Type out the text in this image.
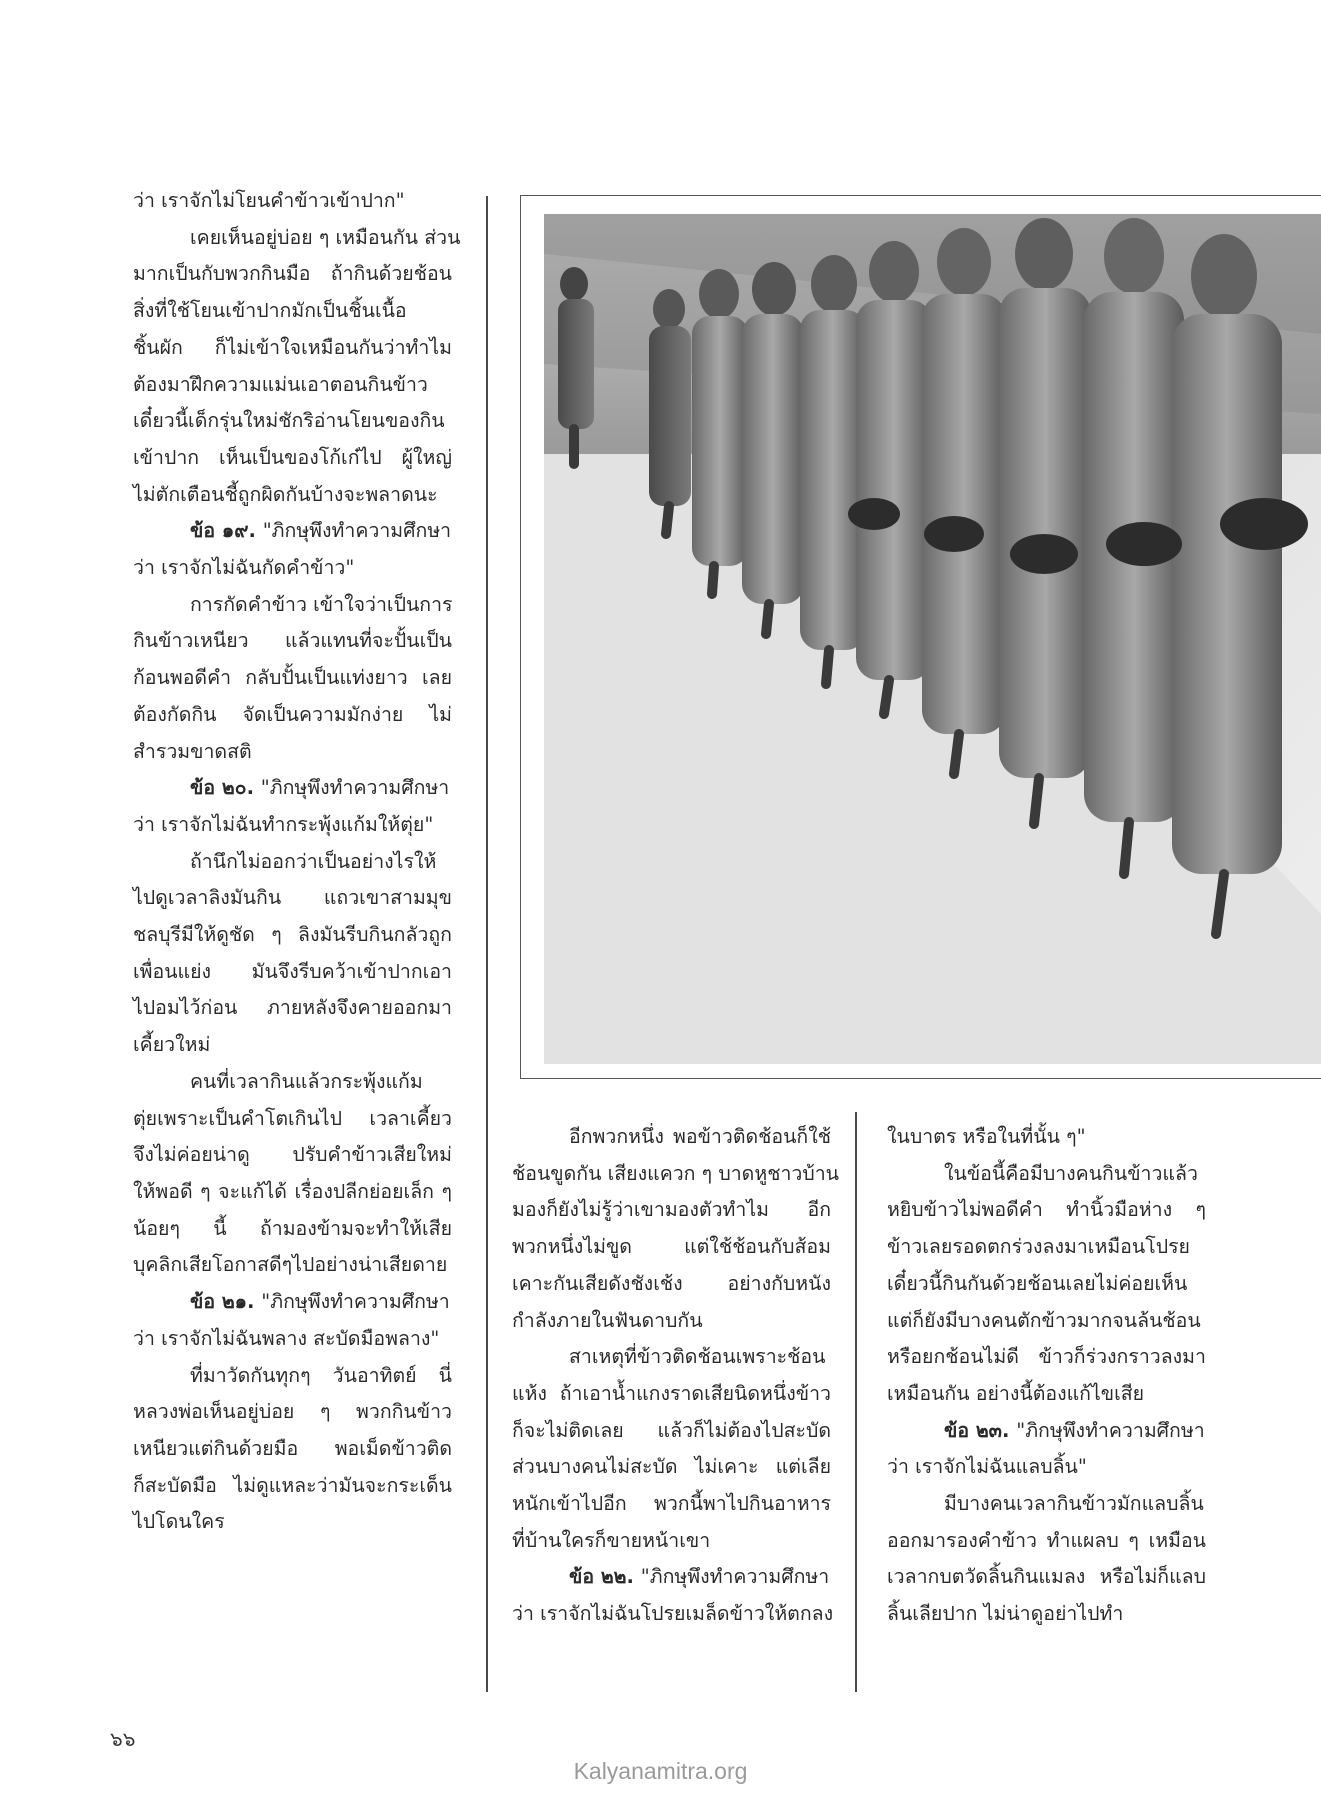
ว่า เราจักไม่โยนคำข้าวเข้าปาก"

เคยเห็นอยู่บ่อย ๆ เหมือนกัน ส่วน

มากเป็นกับพวกกินมือ ถ้ากินด้วยช้อน

สิ่งที่ใช้โยนเข้าปากมักเป็นชิ้นเนื้อ

ชิ้นผัก ก็ไม่เข้าใจเหมือนกันว่าทำไม

ต้องมาฝึกความแม่นเอาตอนกินข้าว

เดี๋ยวนี้เด็กรุ่นใหม่ชักริอ่านโยนของกิน

เข้าปาก เห็นเป็นของโก้เก๋ไป ผู้ใหญ่

ไม่ตักเตือนชี้ถูกผิดกันบ้างจะพลาดนะ

ข้อ ๑๙. "ภิกษุพึงทำความศึกษา

ว่า เราจักไม่ฉันกัดคำข้าว"

การกัดคำข้าว เข้าใจว่าเป็นการ

กินข้าวเหนียว แล้วแทนที่จะปั้นเป็น

ก้อนพอดีคำ กลับปั้นเป็นแท่งยาว เลย

ต้องกัดกิน จัดเป็นความมักง่าย ไม่

สำรวมขาดสติ

ข้อ ๒๐. "ภิกษุพึงทำความศึกษา

ว่า เราจักไม่ฉันทำกระพุ้งแก้มให้ตุ่ย"

ถ้านึกไม่ออกว่าเป็นอย่างไรให้

ไปดูเวลาลิงมันกิน แถวเขาสามมุข

ชลบุรีมีให้ดูชัด ๆ ลิงมันรีบกินกลัวถูก

เพื่อนแย่ง มันจึงรีบคว้าเข้าปากเอา

ไปอมไว้ก่อน ภายหลังจึงคายออกมา

เคี้ยวใหม่

คนที่เวลากินแล้วกระพุ้งแก้ม

ตุ่ยเพราะเป็นคำโตเกินไป เวลาเคี้ยว

จึงไม่ค่อยน่าดู ปรับคำข้าวเสียใหม่

ให้พอดี ๆ จะแก้ได้ เรื่องปลีกย่อยเล็ก ๆ

น้อยๆ นี้ ถ้ามองข้ามจะทำให้เสีย

บุคลิกเสียโอกาสดีๆไปอย่างน่าเสียดาย

ข้อ ๒๑. "ภิกษุพึงทำความศึกษา

ว่า เราจักไม่ฉันพลาง สะบัดมือพลาง"

ที่มาวัดกันทุกๆ วันอาทิตย์ นี่

หลวงพ่อเห็นอยู่บ่อย ๆ พวกกินข้าว

เหนียวแต่กินด้วยมือ พอเม็ดข้าวติด

ก็สะบัดมือ ไม่ดูแหละว่ามันจะกระเด็น

ไปโดนใคร

อีกพวกหนึ่ง พอข้าวติดช้อนก็ใช้

ช้อนขูดกัน เสียงแควก ๆ บาดหูชาวบ้าน

มองก็ยังไม่รู้ว่าเขามองตัวทำไม อีก

พวกหนึ่งไม่ขูด แต่ใช้ช้อนกับส้อม

เคาะกันเสียดังชังเช้ง อย่างกับหนัง

กำลังภายในฟันดาบกัน

สาเหตุที่ข้าวติดช้อนเพราะช้อน

แห้ง ถ้าเอาน้ำแกงราดเสียนิดหนึ่งข้าว

ก็จะไม่ติดเลย แล้วก็ไม่ต้องไปสะบัด

ส่วนบางคนไม่สะบัด ไม่เคาะ แต่เลีย

หนักเข้าไปอีก พวกนี้พาไปกินอาหาร

ที่บ้านใครก็ขายหน้าเขา

ข้อ ๒๒. "ภิกษุพึงทำความศึกษา

ว่า เราจักไม่ฉันโปรยเมล็ดข้าวให้ตกลง

ในบาตร หรือในที่นั้น ๆ"

ในข้อนี้คือมีบางคนกินข้าวแล้ว

หยิบข้าวไม่พอดีคำ ทำนิ้วมือห่าง ๆ

ข้าวเลยรอดตกร่วงลงมาเหมือนโปรย

เดี๋ยวนี้กินกันด้วยช้อนเลยไม่ค่อยเห็น

แต่ก็ยังมีบางคนตักข้าวมากจนล้นช้อน

หรือยกช้อนไม่ดี ข้าวก็ร่วงกราวลงมา

เหมือนกัน อย่างนี้ต้องแก้ไขเสีย

ข้อ ๒๓. "ภิกษุพึงทำความศึกษา

ว่า เราจักไม่ฉันแลบลิ้น"

มีบางคนเวลากินข้าวมักแลบลิ้น

ออกมารองคำข้าว ทำแผลบ ๆ เหมือน

เวลากบตวัดลิ้นกินแมลง หรือไม่ก็แลบ

ลิ้นเลียปาก ไม่น่าดูอย่าไปทำ

๖๖
Kalyanamitra.org
